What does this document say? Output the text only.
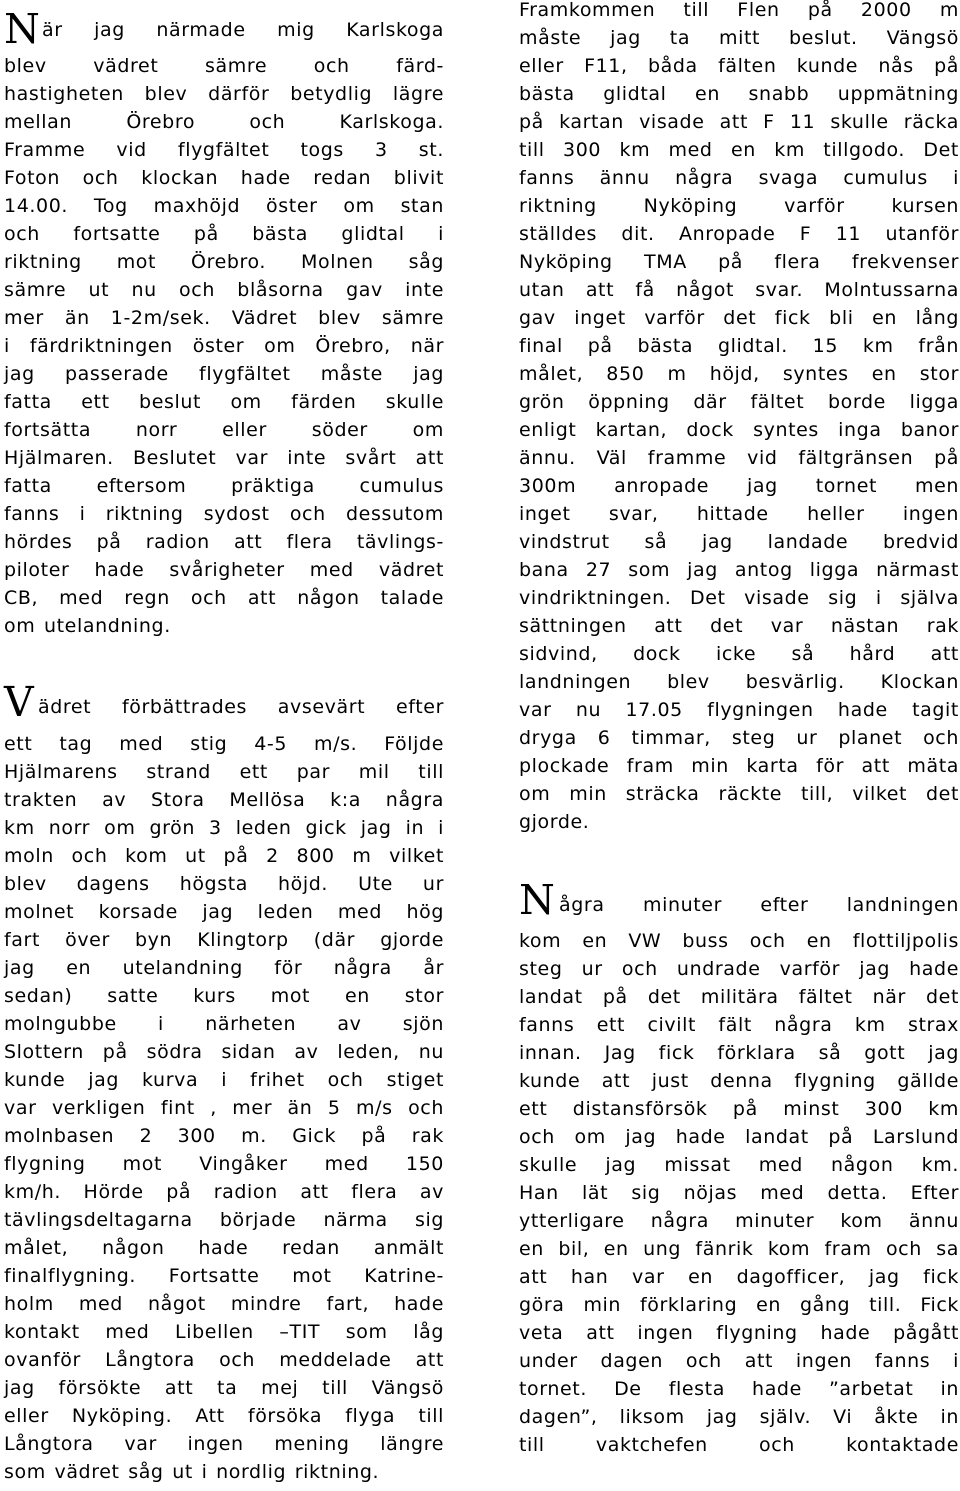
N är jag närmade mig Karlskoga
blev vädret sämre och färd-
hastigheten blev därför betydlig lägre
mellan Örebro och Karlskoga.
Framme vid flygfältet togs 3 st.
Foton och klockan hade redan blivit
14.00. Tog maxhöjd öster om stan
och fortsatte på bästa glidtal i
riktning mot Örebro. Molnen såg
sämre ut nu och blåsorna gav inte
mer än 1-2m/sek. Vädret blev sämre
i färdriktningen öster om Örebro, när
jag passerade flygfältet måste jag
fatta ett beslut om färden skulle
fortsätta norr eller söder om
Hjälmaren. Beslutet var inte svårt att
fatta eftersom präktiga cumulus
fanns i riktning sydost och dessutom
hördes på radion att flera tävlings-
piloter hade svårigheter med vädret
CB, med regn och att någon talade
om utelandning.
V ädret förbättrades avsevärt efter
ett tag med stig 4-5 m/s. Följde
Hjälmarens strand ett par mil till
trakten av Stora Mellösa k:a några
km norr om grön 3 leden gick jag in i
moln och kom ut på 2 800 m vilket
blev dagens högsta höjd. Ute ur
molnet korsade jag leden med hög
fart över byn Klingtorp (där gjorde
jag en utelandning för några år
sedan) satte kurs mot en stor
molngubbe i närheten av sjön
Slottern på södra sidan av leden, nu
kunde jag kurva i frihet och stiget
var verkligen fint , mer än 5 m/s och
molnbasen 2 300 m. Gick på rak
flygning mot Vingåker med 150
km/h. Hörde på radion att flera av
tävlingsdeltagarna började närma sig
målet, någon hade redan anmält
finalflygning. Fortsatte mot Katrine-
holm med något mindre fart, hade
kontakt med Libellen –TIT som låg
ovanför Långtora och meddelade att
jag försökte att ta mej till Vängsö
eller Nyköping. Att försöka flyga till
Långtora var ingen mening längre
som vädret såg ut i nordlig riktning.
Framkommen till Flen på 2000 m
måste jag ta mitt beslut. Vängsö
eller F11, båda fälten kunde nås på
bästa glidtal en snabb uppmätning
på kartan visade att F 11 skulle räcka
till 300 km med en km tillgodo. Det
fanns ännu några svaga cumulus i
riktning Nyköping varför kursen
ställdes dit. Anropade F 11 utanför
Nyköping TMA på flera frekvenser
utan att få något svar. Molntussarna
gav inget varför det fick bli en lång
final på bästa glidtal. 15 km från
målet, 850 m höjd, syntes en stor
grön öppning där fältet borde ligga
enligt kartan, dock syntes inga banor
ännu. Väl framme vid fältgränsen på
300m anropade jag tornet men
inget svar, hittade heller ingen
vindstrut så jag landade bredvid
bana 27 som jag antog ligga närmast
vindriktningen. Det visade sig i själva
sättningen att det var nästan rak
sidvind, dock icke så hård att
landningen blev besvärlig. Klockan
var nu 17.05 flygningen hade tagit
dryga 6 timmar, steg ur planet och
plockade fram min karta för att mäta
om min sträcka räckte till, vilket det
gjorde.
N ågra minuter efter landningen
kom en VW buss och en flottiljpolis
steg ur och undrade varför jag hade
landat på det militära fältet när det
fanns ett civilt fält några km strax
innan. Jag fick förklara så gott jag
kunde att just denna flygning gällde
ett distansförsök på minst 300 km
och om jag hade landat på Larslund
skulle jag missat med någon km.
Han lät sig nöjas med detta. Efter
ytterligare några minuter kom ännu
en bil, en ung fänrik kom fram och sa
att han var en dagofficer, jag fick
göra min förklaring en gång till. Fick
veta att ingen flygning hade pågått
under dagen och att ingen fanns i
tornet. De flesta hade ”arbetat in
dagen”, liksom jag själv. Vi åkte in
till vaktchefen och kontaktade
